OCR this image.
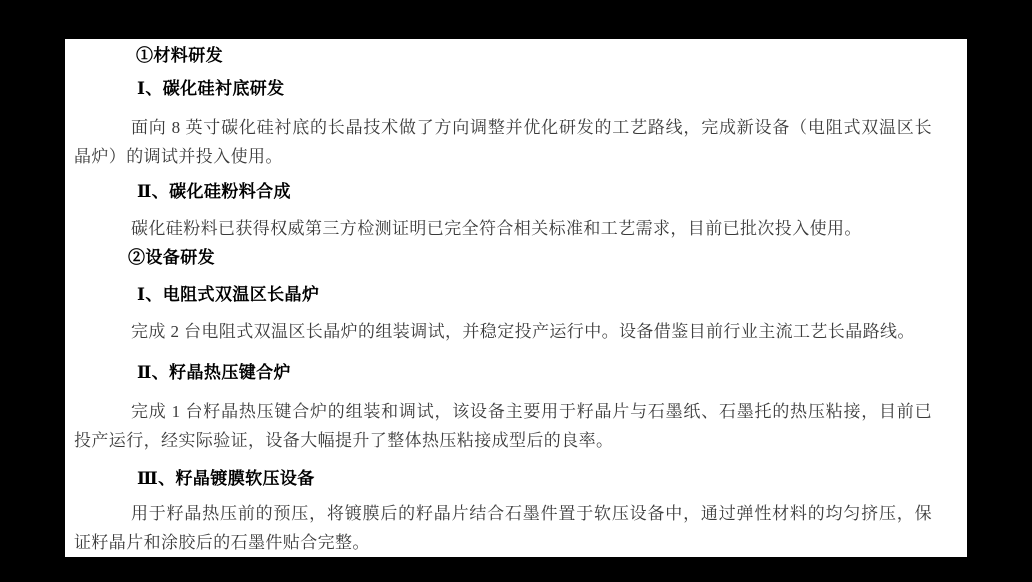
①材料研发
Ⅰ、碳化硅衬底研发
面向 8 英寸碳化硅衬底的长晶技术做了方向调整并优化研发的工艺路线，完成新设备（电阻式双温区长
晶炉）的调试并投入使用。
Ⅱ、碳化硅粉料合成
碳化硅粉料已获得权威第三方检测证明已完全符合相关标准和工艺需求，目前已批次投入使用。
②设备研发
Ⅰ、电阻式双温区长晶炉
完成 2 台电阻式双温区长晶炉的组装调试，并稳定投产运行中。设备借鉴目前行业主流工艺长晶路线。
Ⅱ、籽晶热压键合炉
完成 1 台籽晶热压键合炉的组装和调试，该设备主要用于籽晶片与石墨纸、石墨托的热压粘接，目前已
投产运行，经实际验证，设备大幅提升了整体热压粘接成型后的良率。
Ⅲ、籽晶镀膜软压设备
用于籽晶热压前的预压，将镀膜后的籽晶片结合石墨件置于软压设备中，通过弹性材料的均匀挤压，保
证籽晶片和涂胶后的石墨件贴合完整。
